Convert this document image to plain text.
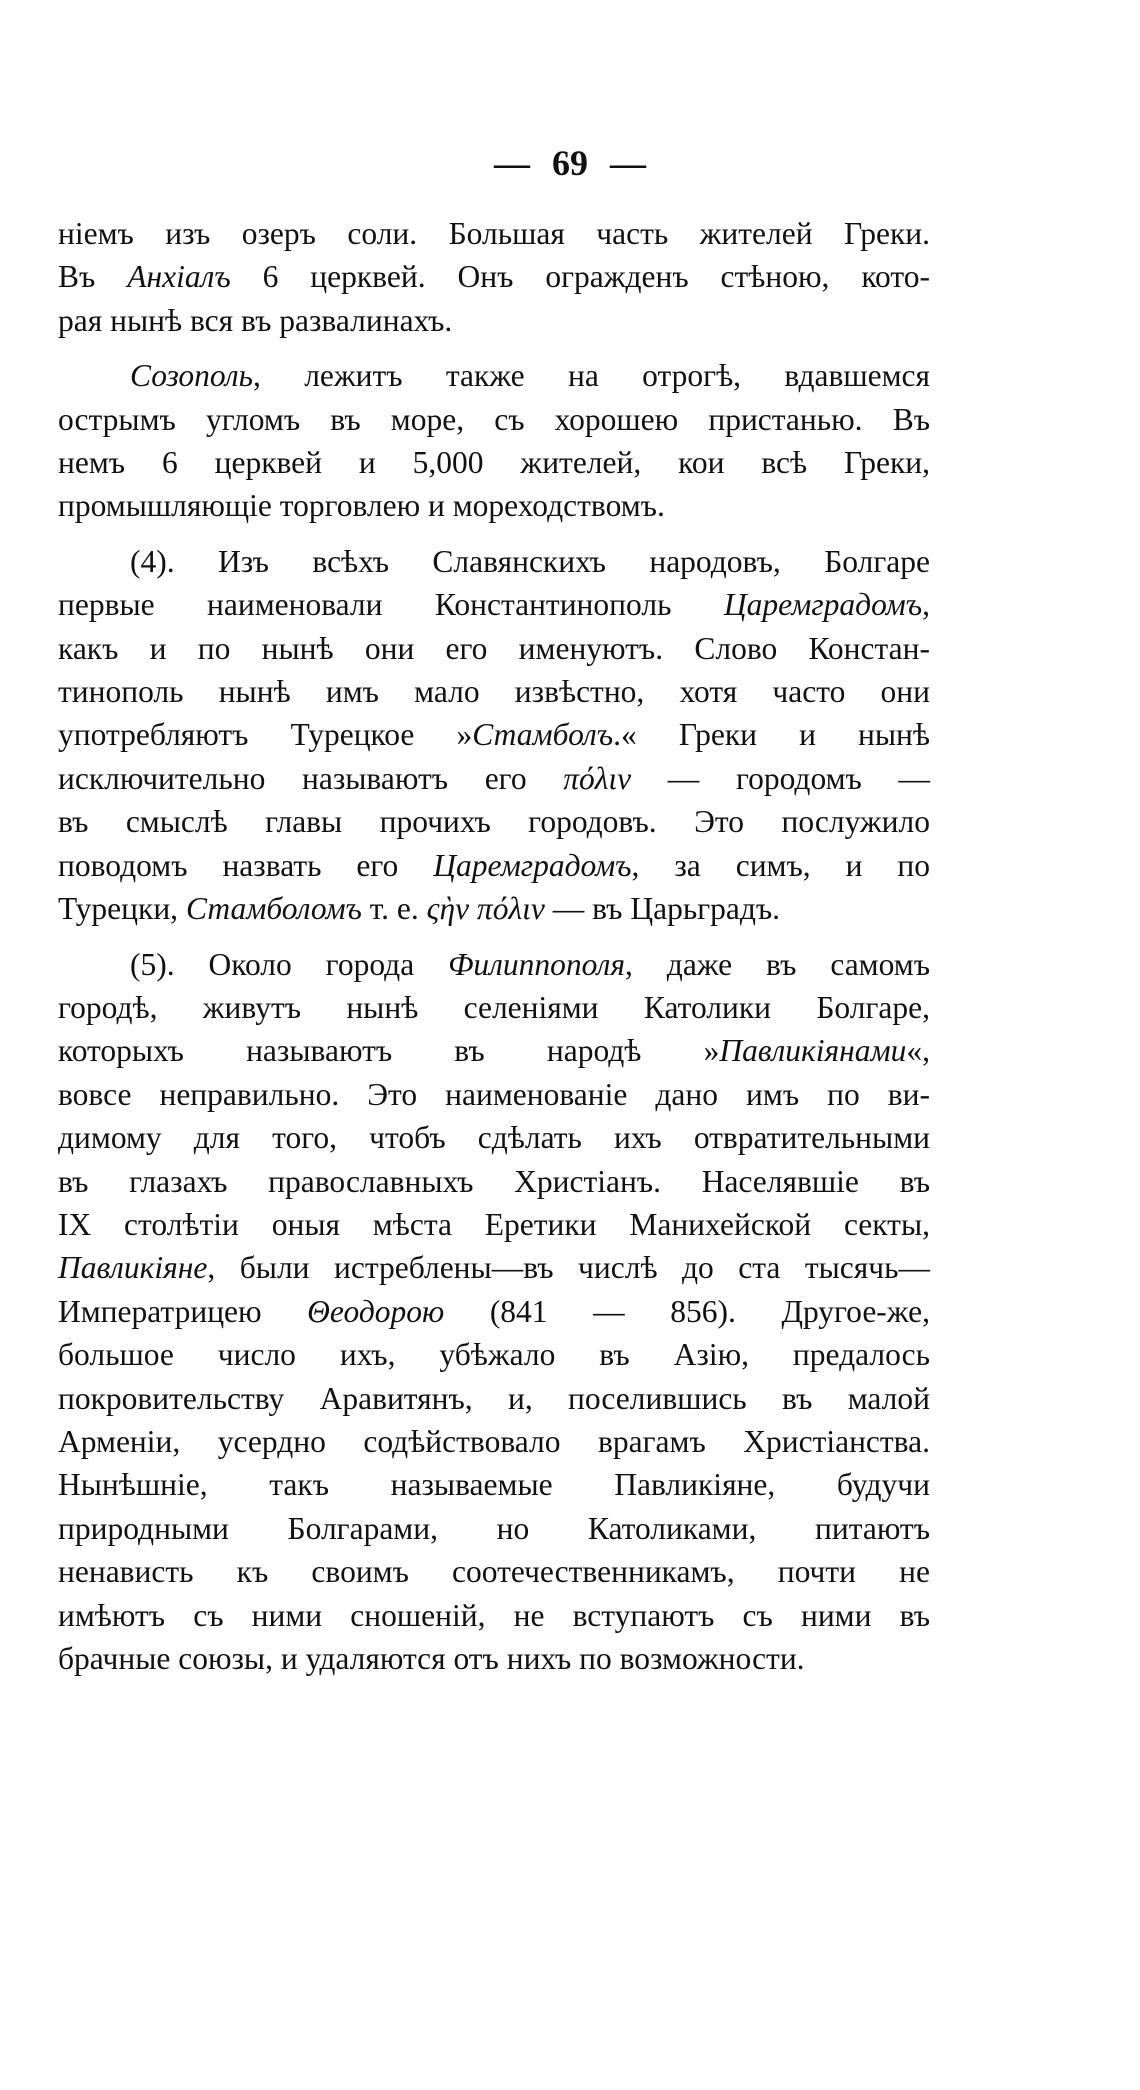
— 69 —
ніемъ изъ озеръ соли. Большая часть жителей Греки.
Въ Анхіалъ 6 церквей. Онъ огражденъ стѣною, кото-
рая нынѣ вся въ развалинахъ.
Созополь, лежитъ также на отрогѣ, вдавшемся
острымъ угломъ въ море, съ хорошею пристанью. Въ
немъ 6 церквей и 5,000 жителей, кои всѣ Греки,
промышляющіе торговлею и мореходствомъ.
(4). Изъ всѣхъ Славянскихъ народовъ, Болгаре
первые наименовали Константинополь Царемградомъ,
какъ и по нынѣ они его именуютъ. Слово Констан-
тинополь нынѣ имъ мало извѣстно, хотя часто они
употребляютъ Турецкое »Стамболъ.« Греки и нынѣ
исключительно называютъ его πόλιν — городомъ —
въ смыслѣ главы прочихъ городовъ. Это послужило
поводомъ назвать его Царемградомъ, за симъ, и по
Турецки, Стамболомъ т. е. ςὴν πόλιν — въ Царьградъ.
(5). Около города Филиппополя, даже въ самомъ
городѣ, живутъ нынѣ селеніями Католики Болгаре,
которыхъ называютъ въ народѣ »Павликіянами«,
вовсе неправильно. Это наименованіе дано имъ по ви-
димому для того, чтобъ сдѣлать ихъ отвратительными
въ глазахъ православныхъ Христіанъ. Населявшіе въ
IX столѣтіи оныя мѣста Еретики Манихейской секты,
Павликіяне, были истреблены—въ числѣ до ста тысячь—
Императрицею Θеодорою (841 — 856). Другое-же,
большое число ихъ, убѣжало въ Азію, предалось
покровительству Аравитянъ, и, поселившись въ малой
Арменіи, усердно содѣйствовало врагамъ Христіанства.
Нынѣшніе, такъ называемые Павликіяне, будучи
природными Болгарами, но Католиками, питаютъ
ненависть къ своимъ соотечественникамъ, почти не
имѣютъ съ ними сношеній, не вступаютъ съ ними въ
брачные союзы, и удаляются отъ нихъ по возможности.
